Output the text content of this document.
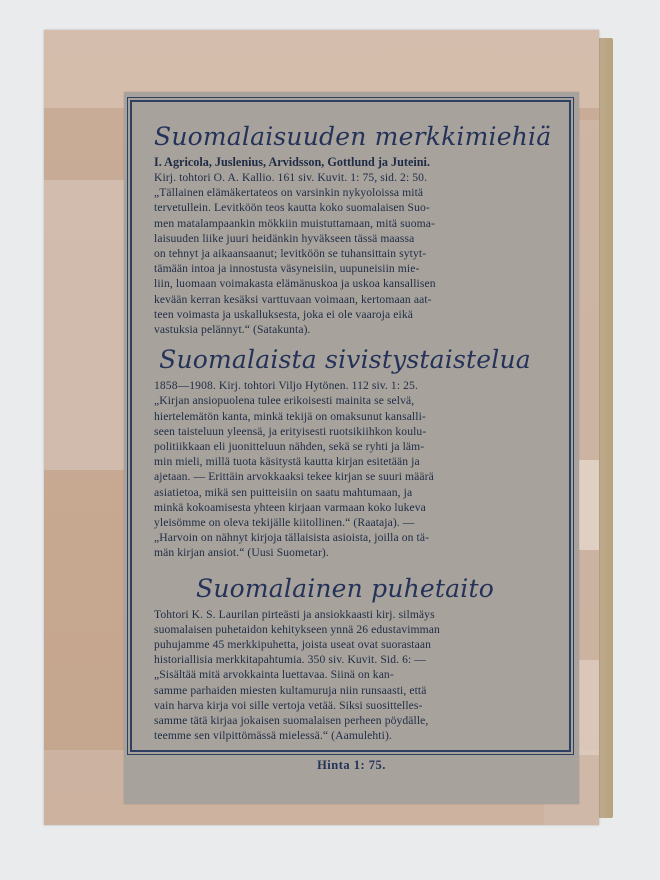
Suomalaisuuden merkkimiehiä

I. Agricola, Juslenius, Arvidsson, Gottlund ja Juteini.

Kirj. tohtori O. A. Kallio. 161 siv. Kuvit. 1: 75, sid. 2: 50.

„Tällainen elämäkertateos on varsinkin nykyoloissa mitä

tervetullein. Levitköön teos kautta koko suomalaisen Suo-

men matalampaankin mökkiin muistuttamaan, mitä suoma-

laisuuden liike juuri heidänkin hyväkseen tässä maassa

on tehnyt ja aikaansaanut; levitköön se tuhansittain sytyt-

tämään intoa ja innostusta väsyneisiin, uupuneisiin mie-

liin, luomaan voimakasta elämänuskoa ja uskoa kansallisen

kevään kerran kesäksi varttuvaan voimaan, kertomaan aat-

teen voimasta ja uskalluksesta, joka ei ole vaaroja eikä

vastuksia pelännyt.“ (Satakunta).

Suomalaista sivistystaistelua

1858—1908. Kirj. tohtori Viljo Hytönen. 112 siv. 1: 25.

„Kirjan ansiopuolena tulee erikoisesti mainita se selvä,

hiertelemätön kanta, minkä tekijä on omaksunut kansalli-

seen taisteluun yleensä, ja erityisesti ruotsikiihkon koulu-

politiikkaan eli juonitteluun nähden, sekä se ryhti ja läm-

min mieli, millä tuota käsitystä kautta kirjan esitetään ja

ajetaan. — Erittäin arvokkaaksi tekee kirjan se suuri määrä

asiatietoa, mikä sen puitteisiin on saatu mahtumaan, ja

minkä kokoamisesta yhteen kirjaan varmaan koko lukeva

yleisömme on oleva tekijälle kiitollinen.“ (Raataja). —

„Harvoin on nähnyt kirjoja tällaisista asioista, joilla on tä-

män kirjan ansiot.“ (Uusi Suometar).

Suomalainen puhetaito

Tohtori K. S. Laurilan pirteästi ja ansiokkaasti kirj. silmäys

suomalaisen puhetaidon kehitykseen ynnä 26 edustavimman

puhujamme 45 merkkipuhetta, joista useat ovat suorastaan

historiallisia merkkitapahtumia. 350 siv. Kuvit. Sid. 6: —

„Sisältää mitä arvokkainta luettavaa. Siinä on kan-

samme parhaiden miesten kultamuruja niin runsaasti, että

vain harva kirja voi sille vertoja vetää. Siksi suosittelles-

samme tätä kirjaa jokaisen suomalaisen perheen pöydälle,

teemme sen vilpittömässä mielessä.“ (Aamulehti).

Hinta 1: 75.
